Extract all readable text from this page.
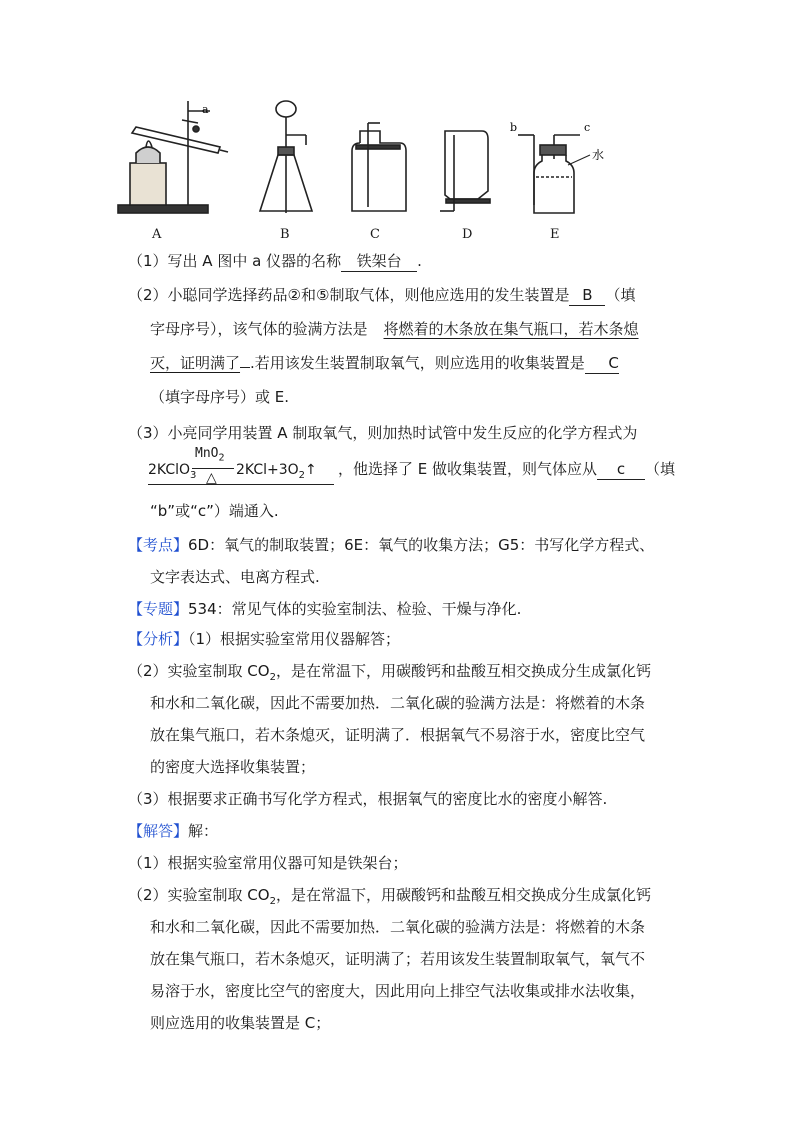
a
b	c
水
A	B	C	D	E
（1）写出 A 图中 a 仪器的名称 铁架台 .
（2）小聪同学选择药品②和⑤制取气体，则他应选用的发生装置是 B （填
字母序号），该气体的验满方法是 将燃着的木条放在集气瓶口，若木条熄
灭，证明满了 .若用该发生装置制取氧气，则应选用的收集装置是 C
（填字母序号）或 E.
（3）小亮同学用装置 A 制取氧气，则加热时试管中发生反应的化学方程式为
2KClO$_3$
MnO$_2$
△ $2KCl+3O_2↑$ ，他选择了 E 做收集装置，则气体应从 c （填
“b”或“c”）端通入.
【考点】6D：氧气的制取装置；6E：氧气的收集方法；G5：书写化学方程式、
文字表达式、电离方程式.
【专题】534：常见气体的实验室制法、检验、干燥与净化.
【分析】（1）根据实验室常用仪器解答；
（2）实验室制取 $CO_2$，是在常温下，用碳酸钙和盐酸互相交换成分生成氯化钙
和水和二氧化碳，因此不需要加热．二氧化碳的验满方法是：将燃着的木条
放在集气瓶口，若木条熄灭，证明满了．根据氧气不易溶于水，密度比空气
的密度大选择收集装置；
（3）根据要求正确书写化学方程式，根据氧气的密度比水的密度小解答.
【解答】解：
（1）根据实验室常用仪器可知是铁架台；
（2）实验室制取 $CO_2$，是在常温下，用碳酸钙和盐酸互相交换成分生成氯化钙
和水和二氧化碳，因此不需要加热．二氧化碳的验满方法是：将燃着的木条
放在集气瓶口，若木条熄灭，证明满了；若用该发生装置制取氧气，氧气不
易溶于水，密度比空气的密度大，因此用向上排空气法收集或排水法收集，
则应选用的收集装置是 C；
